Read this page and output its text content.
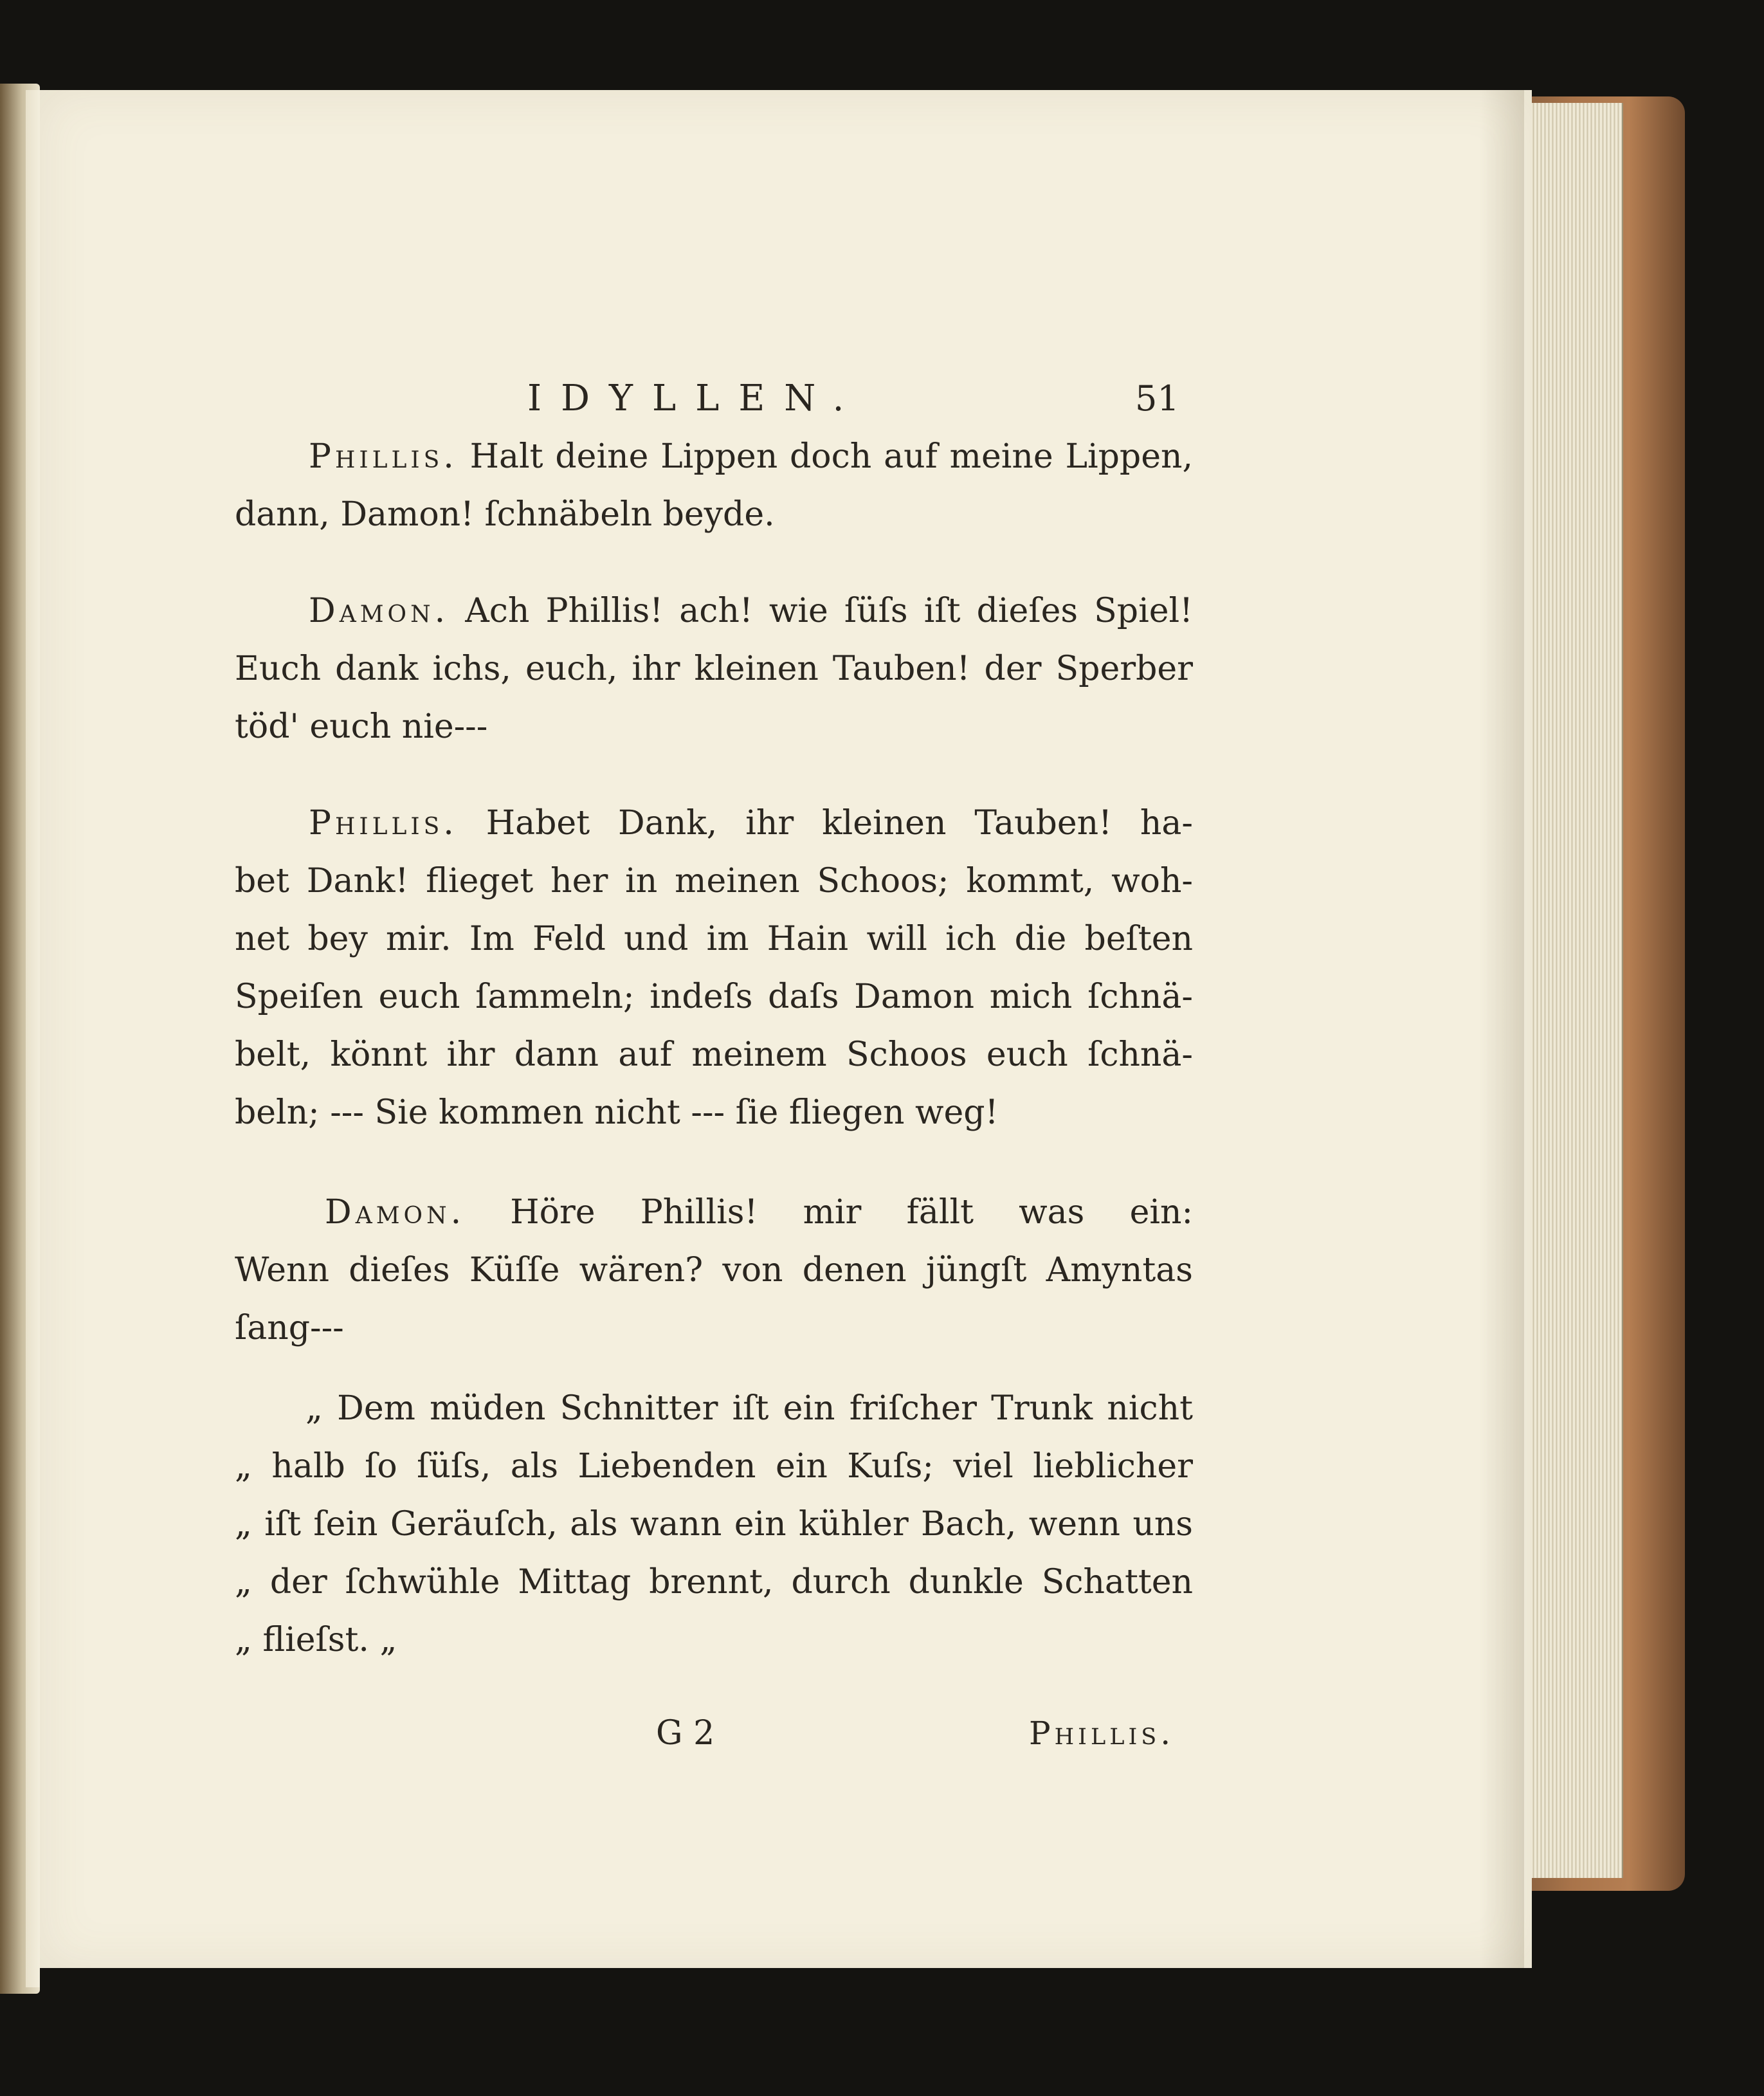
IDYLLEN.	51
Phillis. Halt deine Lippen doch auf meine Lippen,
dann, Damon! ſchnäbeln beyde.
Damon. Ach Phillis! ach! wie ſüſs iſt dieſes Spiel!
Euch dank ichs, euch, ihr kleinen Tauben! der Sperber
töd' euch nie---
Phillis. Habet Dank, ihr kleinen Tauben! ha-
bet Dank! flieget her in meinen Schoos; kommt, woh-
net bey mir. Im Feld und im Hain will ich die beſten
Speiſen euch ſammeln; indeſs daſs Damon mich ſchnä-
belt, könnt ihr dann auf meinem Schoos euch ſchnä-
beln; --- Sie kommen nicht --- ſie fliegen weg!
Damon. Höre Phillis! mir fällt was ein:
Wenn dieſes Küſſe wären? von denen jüngſt Amyntas
ſang---
„ Dem müden Schnitter iſt ein friſcher Trunk nicht
„ halb ſo ſüſs, als Liebenden ein Kuſs; viel lieblicher
„ iſt ſein Geräuſch, als wann ein kühler Bach, wenn uns
„ der ſchwühle Mittag brennt, durch dunkle Schatten
„ flieſst. „
G 2	Phillis.
